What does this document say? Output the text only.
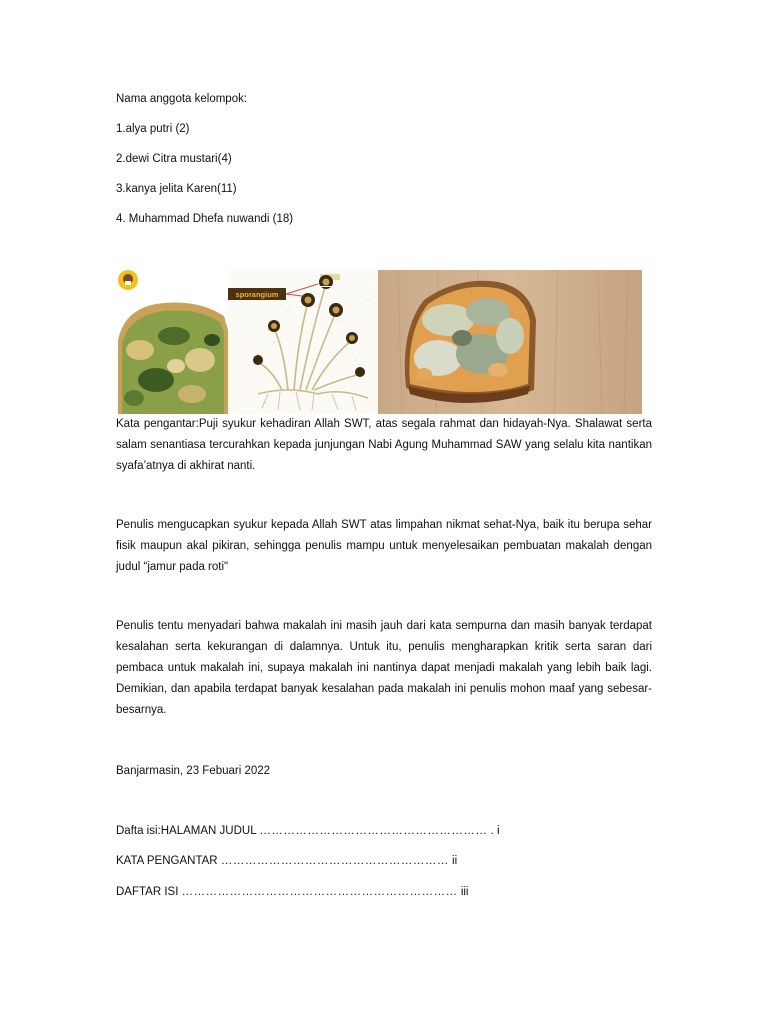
Nama anggota kelompok:
1.alya putri (2)
2.dewi Citra mustari(4)
3.kanya jelita Karen(11)
4. Muhammad Dhefa nuwandi (18)
sporangium
Kata pengantar:Puji syukur kehadiran Allah SWT, atas segala rahmat dan hidayah-Nya. Shalawat serta salam senantiasa tercurahkan kepada junjungan Nabi Agung Muhammad SAW yang selalu kita nantikan syafa’atnya di akhirat nanti.
Penulis mengucapkan syukur kepada Allah SWT atas limpahan nikmat sehat-Nya, baik itu berupa sehar fisik maupun akal pikiran, sehingga penulis mampu untuk menyelesaikan pembuatan makalah dengan judul “jamur pada roti"
Penulis tentu menyadari bahwa makalah ini masih jauh dari kata sempurna dan masih banyak terdapat kesalahan serta kekurangan di dalamnya. Untuk itu, penulis mengharapkan kritik serta saran dari pembaca untuk makalah ini, supaya makalah ini nantinya dapat menjadi makalah yang lebih baik lagi. Demikian, dan apabila terdapat banyak kesalahan pada makalah ini penulis mohon maaf yang sebesar-besarnya.
Banjarmasin, 23 Febuari 2022
Dafta isi:HALAMAN JUDUL ………………………………………………… . i
KATA PENGANTAR ………………………………………………… ii
DAFTAR ISI …………………………………………………………… iii
